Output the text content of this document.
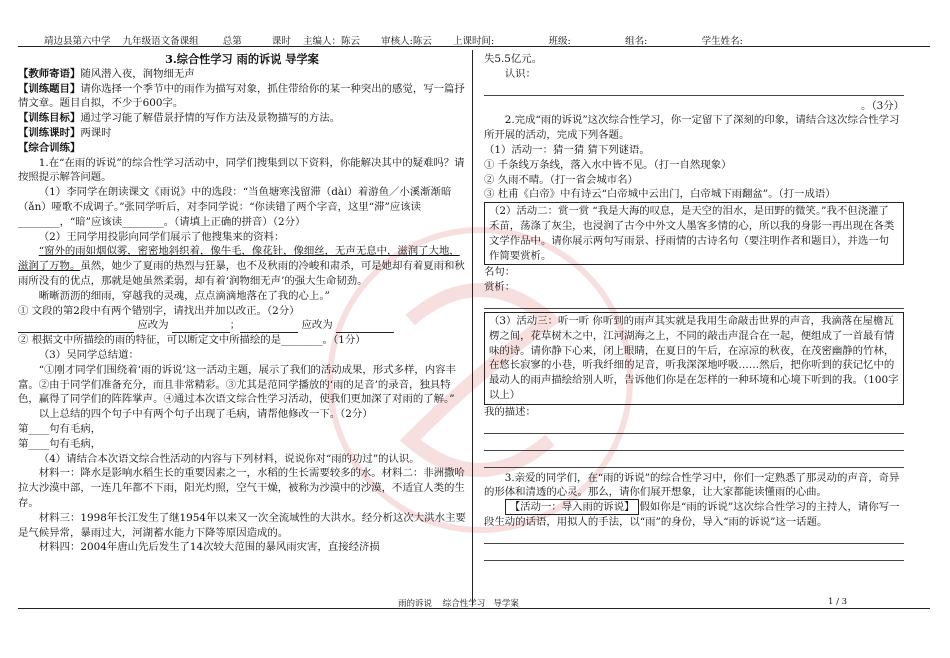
靖边县第六中学    九年级语文备课组        总第          课时    主编人：陈云       审核人:陈云       上课时间:                  班级:                  组名:                  学生姓名:

3.综合性学习 雨的诉说 导学案

【教师寄语】随风潜入夜，润物细无声

【训练题目】请你选择一个季节中的雨作为描写对象，抓住带给你的某一种突出的感觉，写一篇抒情文章。题目自拟，不少于600字。

【训练目标】通过学习能了解借景抒情的写作方法及景物描写的方法。

【训练课时】两课时

【综合训练】

1.在“在雨的诉说”的综合性学习活动中，同学们搜集到以下资料，你能解决其中的疑难吗？请按照提示解答问题。

（1）李同学在朗读课文《雨说》中的选段：“当鱼塘寒浅留滞（dài）着游鱼／小溪渐渐暗（ǎn）哑歌不成调子。”张同学听后，对李同学说：“你读错了两个字音，这里“滞”应该读________，“暗”应该读________。（请填上正确的拼音）（2分）

（2）王同学用投影向同学们展示了他搜集来的资料：

“窗外的雨如烟似雾，密密地斜织着，像牛毛，像花针，像细丝，无声无息中，滋润了大地，滋润了万物。虽然，她少了夏雨的热烈与狂暴，也不及秋雨的冷峻和肃杀，可是她却有着夏雨和秋雨所没有的优点，那就是她虽然柔弱，却有着‘润物细无声’的强大生命韧劲。

晰晰沥沥的细雨，穿越我的灵魂，点点滴滴地落在了我的心上。”

① 文段的第2段中有两个错别字，请找出并加以改正。（2分）

应改为	；	应改为

② 根据文中所描绘的雨的特征，可以断定文中所描绘的是________。（1分）

（3）吴同学总结道：

“①刚才同学们围绕着‘雨的诉说’这一活动主题，展示了我们的活动成果，形式多样，内容丰富。②由于同学们准备充分，而且非常精彩。③尤其是范同学播放的‘雨的足音’的录音，独具特色，赢得了同学们的阵阵掌声。④通过本次语文综合性学习活动，使我们更加深了对雨的了解。”

以上总结的四个句子中有两个句子出现了毛病，请帮他修改一下。（2分）

第____句有毛病，

第____句有毛病，

（4）请结合本次语文综合性活动的内容与下列材料，说说你对“雨的功过”的认识。

材料一：降水是影响水稻生长的重要因素之一，水稻的生长需要较多的水。材料二：非洲撒哈拉大沙漠中部，一连几年都不下雨，阳光灼照，空气干燥，被称为沙漠中的沙漠，不适宜人类的生存。

材料三：1998年长江发生了继1954年以来又一次全流域性的大洪水。经分析这次大洪水主要是气候异常，暴雨过大，河湖蓄水能力下降等原因造成的。

材料四：2004年唐山先后发生了14次较大范围的暴风雨灾害，直接经济损

失5.5亿元。

认识：

。（3分）

2.完成“雨的诉说”这次综合性学习，你一定留下了深刻的印象，请结合这次综合性学习所开展的活动，完成下列各题。

（1）活动一：猜一猜 猜下列谜语。

① 千条线万条线，落入水中皆不见。（打一自然现象）

② 久雨不晴。（打一省会城市名）

③ 杜甫《白帝》中有诗云“白帝城中云出门，白帝城下雨翻盆”。（打一成语）

（2）活动二：赏一赏 “我是大海的叹息，是天空的泪水，是田野的微笑。”我不但浇灌了禾苗，荡涤了灰尘，也浸润了古今中外文人墨客多情的心，所以我的身影一再出现在各类文学作品中。请你展示两句写雨景、抒雨情的古诗名句（要注明作者和题目），并选一句作简要赏析。

名句：

赏析：

（3）活动三：听一听 你听到的雨声其实就是我用生命敲击世界的声音，我滴落在屋檐瓦楞之间，花草树木之中，江河湖海之上，不同的敲击声混合在一起，便组成了一首最有情味的诗。请你静下心来，闭上眼睛，在夏日的午后，在凉凉的秋夜，在茂密幽静的竹林，在悠长寂寥的小巷，听我纤细的足音，听我深深地呼吸……然后，把你听到的获记忆中的最动人的雨声描绘给别人听，告诉他们你是在怎样的一种环境和心境下听到的我。（100字以上）

我的描述：

3.亲爱的同学们，在“雨的诉说”的综合性学习中，你们一定熟悉了那灵动的声音，奇异的形体和清透的心灵。那么，请你们展开想象，让大家都能读懂雨的心曲。

【活动一：导入雨的诉说】 假如你是“雨的诉说”这次综合性学习的主持人，请你写一段生动的话语，用拟人的手法，以“雨”的身份，导入“雨的诉说”这一话题。

雨的诉说    综合性学习   导学案	1 / 3
